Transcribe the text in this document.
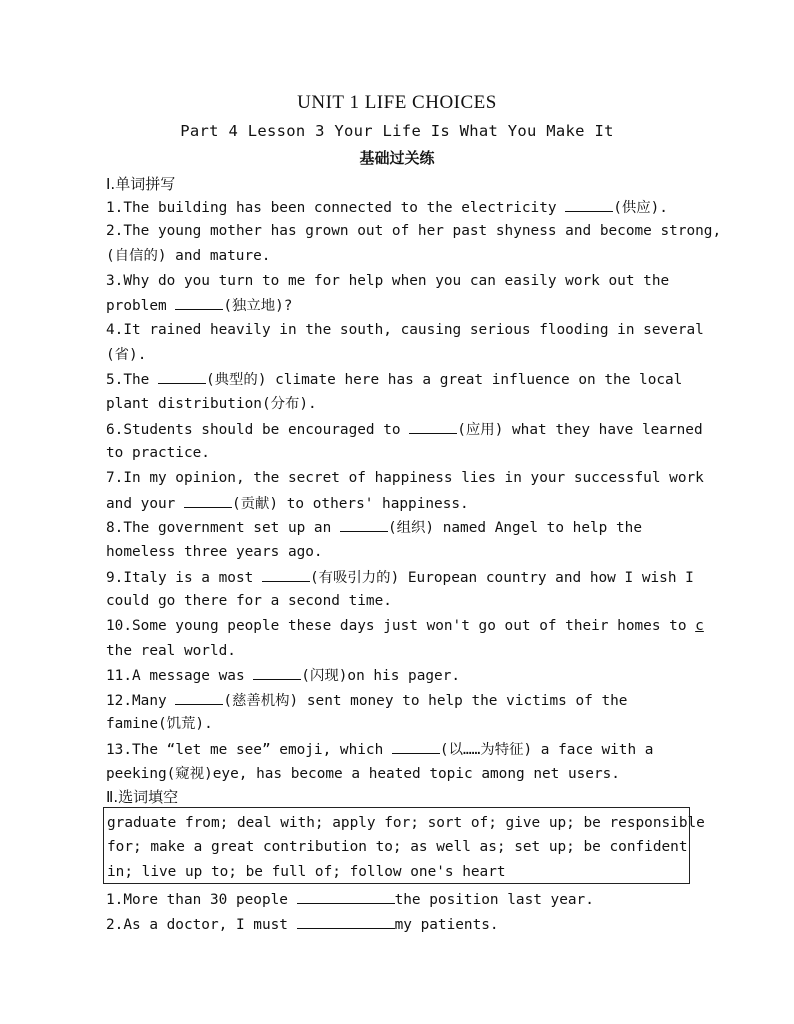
UNIT 1 LIFE CHOICES
Part 4 Lesson 3 Your Life Is What You Make It
基础过关练
Ⅰ.单词拼写
1.The building has been connected to the electricity	(供应).
2.The young mother has grown out of her past shyness and become strong,
(自信的) and mature.
3.Why do you turn to me for help when you can easily work out the
problem	(独立地)?
4.It rained heavily in the south, causing serious flooding in several
(省).
5.The	(典型的) climate here has a great influence on the local
plant distribution(分布).
6.Students should be encouraged to	(应用) what they have learned
to practice.
7.In my opinion, the secret of happiness lies in your successful work
and your	(贡献) to others' happiness.
8.The government set up an	(组织) named Angel to help the
homeless three years ago.
9.Italy is a most	(有吸引力的) European country and how I wish I
could go there for a second time.
10.Some young people these days just won't go out of their homes to c
the real world.
11.A message was	(闪现)on his pager.
12.Many	(慈善机构) sent money to help the victims of the
famine(饥荒).
13.The “let me see” emoji, which	(以……为特征) a face with a
peeking(窥视)eye, has become a heated topic among net users.
Ⅱ.选词填空
graduate from; deal with; apply for; sort of; give up; be responsible
for; make a great contribution to; as well as; set up; be confident
in; live up to; be full of; follow one's heart
1.More than 30 people	the position last year.
2.As a doctor, I must	my patients.
